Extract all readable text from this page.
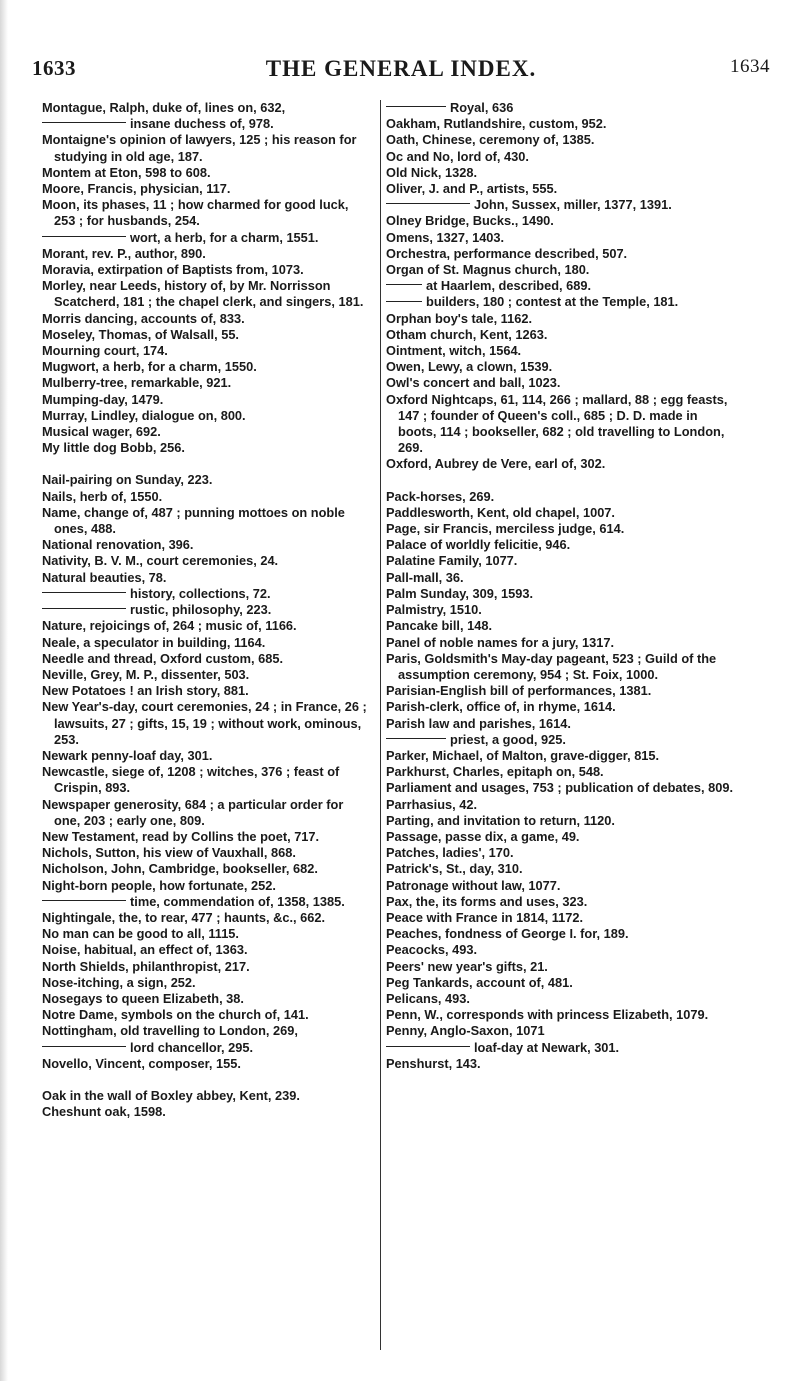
1633	THE GENERAL INDEX.	1634

Montague, Ralph, duke of, lines on, 632,

insane duchess of, 978.

Montaigne's opinion of lawyers, 125 ; his reason for studying in old age, 187.

Montem at Eton, 598 to 608.

Moore, Francis, physician, 117.

Moon, its phases, 11 ; how charmed for good luck, 253 ; for husbands, 254.

wort, a herb, for a charm, 1551.

Morant, rev. P., author, 890.

Moravia, extirpation of Baptists from, 1073.

Morley, near Leeds, history of, by Mr. Norrisson Scatcherd, 181 ; the chapel clerk, and singers, 181.

Morris dancing, accounts of, 833.

Moseley, Thomas, of Walsall, 55.

Mourning court, 174.

Mugwort, a herb, for a charm, 1550.

Mulberry-tree, remarkable, 921.

Mumping-day, 1479.

Murray, Lindley, dialogue on, 800.

Musical wager, 692.

My little dog Bobb, 256.

Nail-pairing on Sunday, 223.

Nails, herb of, 1550.

Name, change of, 487 ; punning mottoes on noble ones, 488.

National renovation, 396.

Nativity, B. V. M., court ceremonies, 24.

Natural beauties, 78.

history, collections, 72.

rustic, philosophy, 223.

Nature, rejoicings of, 264 ; music of, 1166.

Neale, a speculator in building, 1164.

Needle and thread, Oxford custom, 685.

Neville, Grey, M. P., dissenter, 503.

New Potatoes ! an Irish story, 881.

New Year's-day, court ceremonies, 24 ; in France, 26 ; lawsuits, 27 ; gifts, 15, 19 ; without work, ominous, 253.

Newark penny-loaf day, 301.

Newcastle, siege of, 1208 ; witches, 376 ; feast of Crispin, 893.

Newspaper generosity, 684 ; a particular order for one, 203 ; early one, 809.

New Testament, read by Collins the poet, 717.

Nichols, Sutton, his view of Vauxhall, 868.

Nicholson, John, Cambridge, bookseller, 682.

Night-born people, how fortunate, 252.

time, commendation of, 1358, 1385.

Nightingale, the, to rear, 477 ; haunts, &c., 662.

No man can be good to all, 1115.

Noise, habitual, an effect of, 1363.

North Shields, philanthropist, 217.

Nose-itching, a sign, 252.

Nosegays to queen Elizabeth, 38.

Notre Dame, symbols on the church of, 141.

Nottingham, old travelling to London, 269,

lord chancellor, 295.

Novello, Vincent, composer, 155.

Oak in the wall of Boxley abbey, Kent, 239.

Cheshunt oak, 1598.

Royal, 636

Oakham, Rutlandshire, custom, 952.

Oath, Chinese, ceremony of, 1385.

Oc and No, lord of, 430.

Old Nick, 1328.

Oliver, J. and P., artists, 555.

John, Sussex, miller, 1377, 1391.

Olney Bridge, Bucks., 1490.

Omens, 1327, 1403.

Orchestra, performance described, 507.

Organ of St. Magnus church, 180.

at Haarlem, described, 689.

builders, 180 ; contest at the Temple, 181.

Orphan boy's tale, 1162.

Otham church, Kent, 1263.

Ointment, witch, 1564.

Owen, Lewy, a clown, 1539.

Owl's concert and ball, 1023.

Oxford Nightcaps, 61, 114, 266 ; mallard, 88 ; egg feasts, 147 ; founder of Queen's coll., 685 ; D. D. made in boots, 114 ; bookseller, 682 ; old travelling to London, 269.

Oxford, Aubrey de Vere, earl of, 302.

Pack-horses, 269.

Paddlesworth, Kent, old chapel, 1007.

Page, sir Francis, merciless judge, 614.

Palace of worldly felicitie, 946.

Palatine Family, 1077.

Pall-mall, 36.

Palm Sunday, 309, 1593.

Palmistry, 1510.

Pancake bill, 148.

Panel of noble names for a jury, 1317.

Paris, Goldsmith's May-day pageant, 523 ; Guild of the assumption ceremony, 954 ; St. Foix, 1000.

Parisian-English bill of performances, 1381.

Parish-clerk, office of, in rhyme, 1614.

Parish law and parishes, 1614.

priest, a good, 925.

Parker, Michael, of Malton, grave-digger, 815.

Parkhurst, Charles, epitaph on, 548.

Parliament and usages, 753 ; publication of debates, 809.

Parrhasius, 42.

Parting, and invitation to return, 1120.

Passage, passe dix, a game, 49.

Patches, ladies', 170.

Patrick's, St., day, 310.

Patronage without law, 1077.

Pax, the, its forms and uses, 323.

Peace with France in 1814, 1172.

Peaches, fondness of George I. for, 189.

Peacocks, 493.

Peers' new year's gifts, 21.

Peg Tankards, account of, 481.

Pelicans, 493.

Penn, W., corresponds with princess Elizabeth, 1079.

Penny, Anglo-Saxon, 1071

loaf-day at Newark, 301.

Penshurst, 143.
